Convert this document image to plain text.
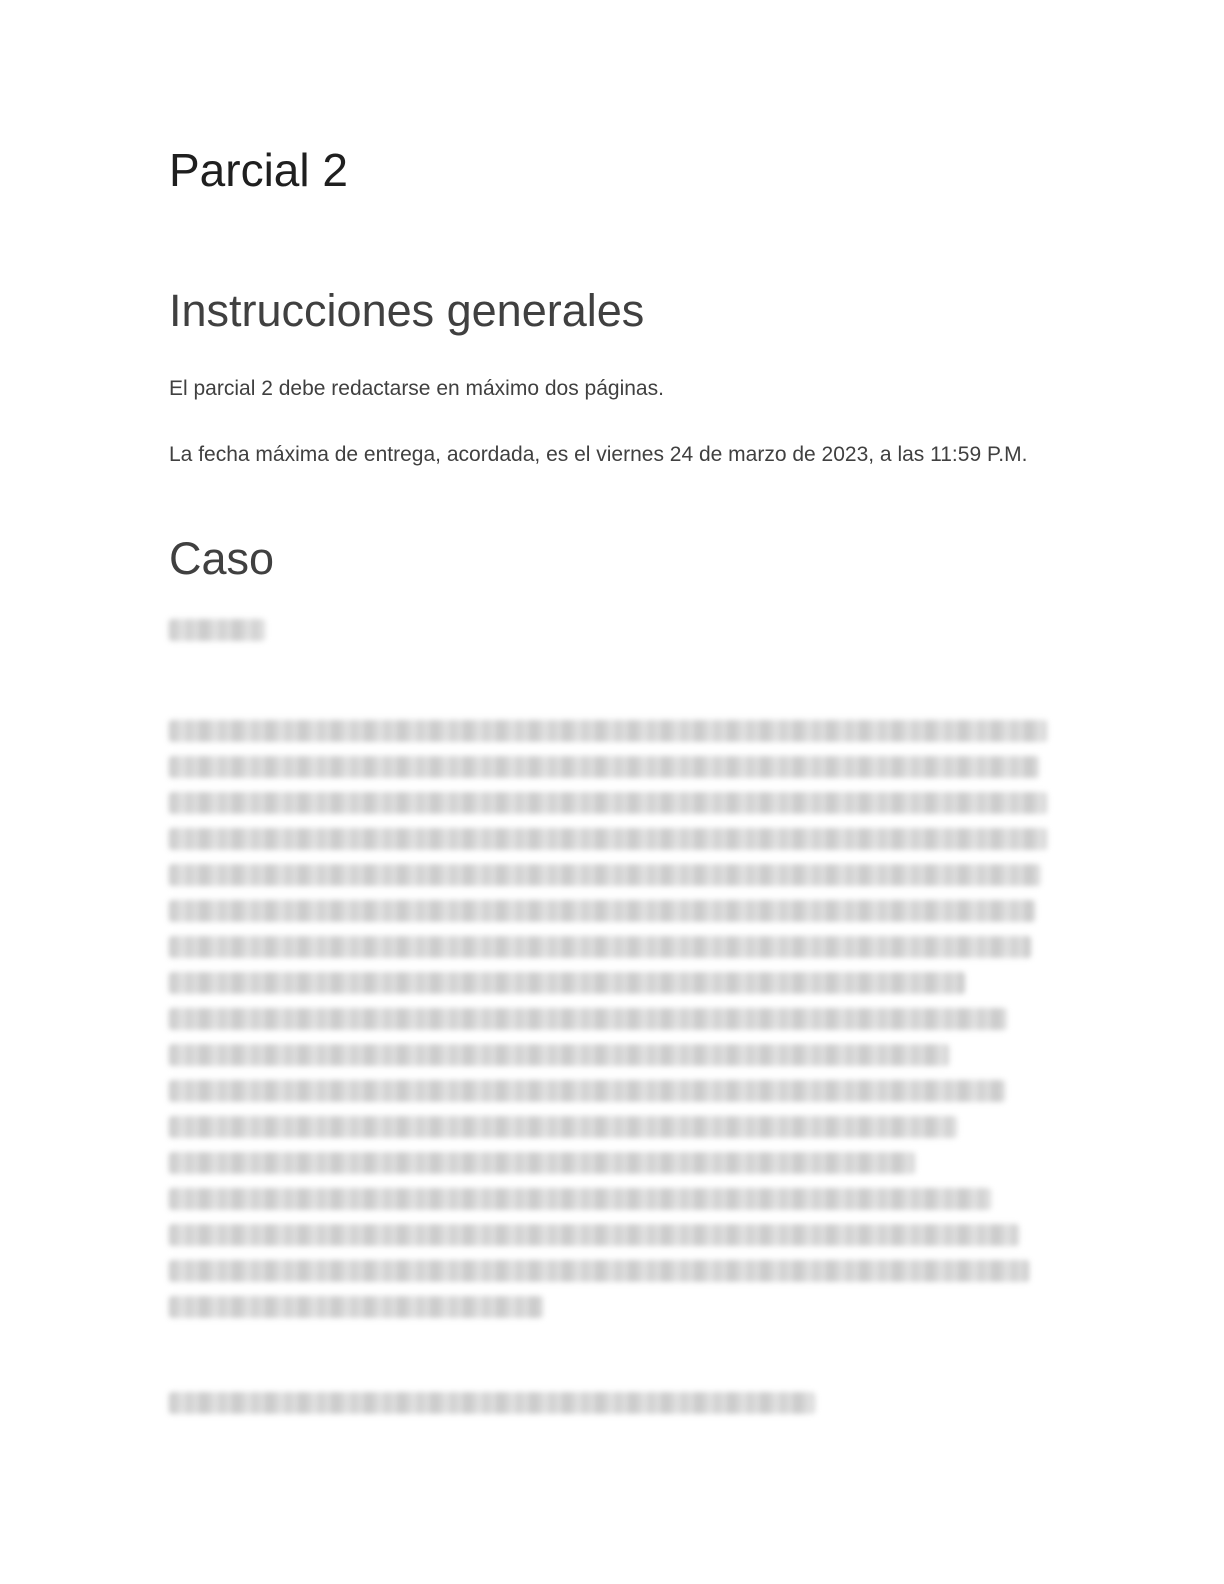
Parcial 2
Instrucciones generales

El parcial 2 debe redactarse en máximo dos páginas.

La fecha máxima de entrega, acordada, es el viernes 24 de marzo de 2023, a las 11:59 P.M.

Caso
